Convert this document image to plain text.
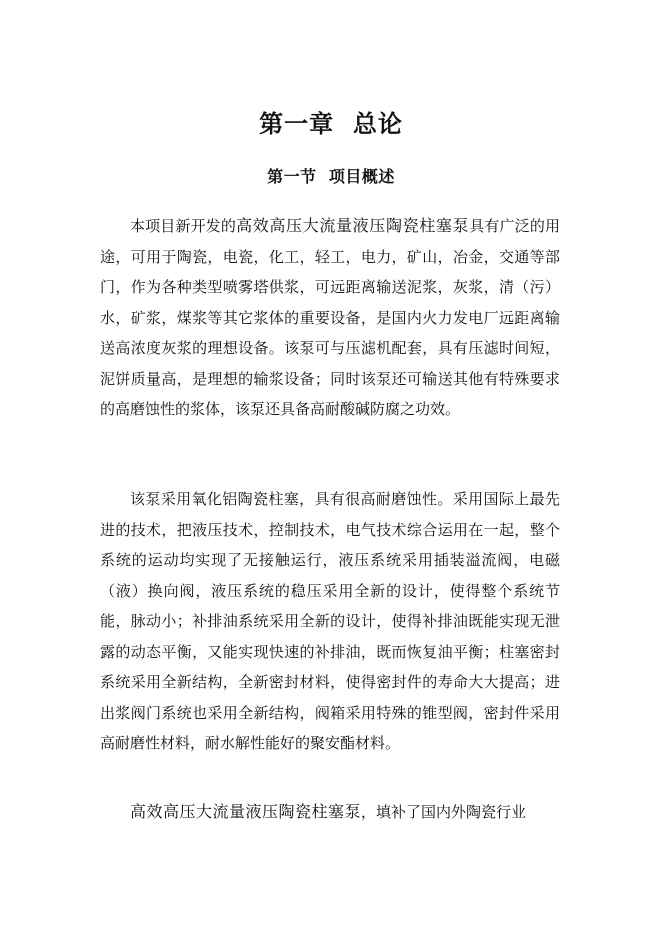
第一章  总论
第一节  项目概述

本项目新开发的高效高压大流量液压陶瓷柱塞泵具有广泛的用途，可用于陶瓷，电瓷，化工，轻工，电力，矿山，冶金，交通等部门，作为各种类型喷雾塔供浆，可远距离输送泥浆，灰浆，清（污）水，矿浆，煤浆等其它浆体的重要设备，是国内火力发电厂远距离输送高浓度灰浆的理想设备。该泵可与压滤机配套，具有压滤时间短，泥饼质量高，是理想的输浆设备；同时该泵还可输送其他有特殊要求的高磨蚀性的浆体，该泵还具备高耐酸碱防腐之功效。

该泵采用氧化铝陶瓷柱塞，具有很高耐磨蚀性。采用国际上最先进的技术，把液压技术，控制技术，电气技术综合运用在一起，整个系统的运动均实现了无接触运行，液压系统采用插装溢流阀，电磁（液）换向阀，液压系统的稳压采用全新的设计，使得整个系统节能，脉动小；补排油系统采用全新的设计，使得补排油既能实现无泄露的动态平衡，又能实现快速的补排油，既而恢复油平衡；柱塞密封系统采用全新结构，全新密封材料，使得密封件的寿命大大提高；进出浆阀门系统也采用全新结构，阀箱采用特殊的锥型阀，密封件采用高耐磨性材料，耐水解性能好的聚安酯材料。

高效高压大流量液压陶瓷柱塞泵，填补了国内外陶瓷行业
